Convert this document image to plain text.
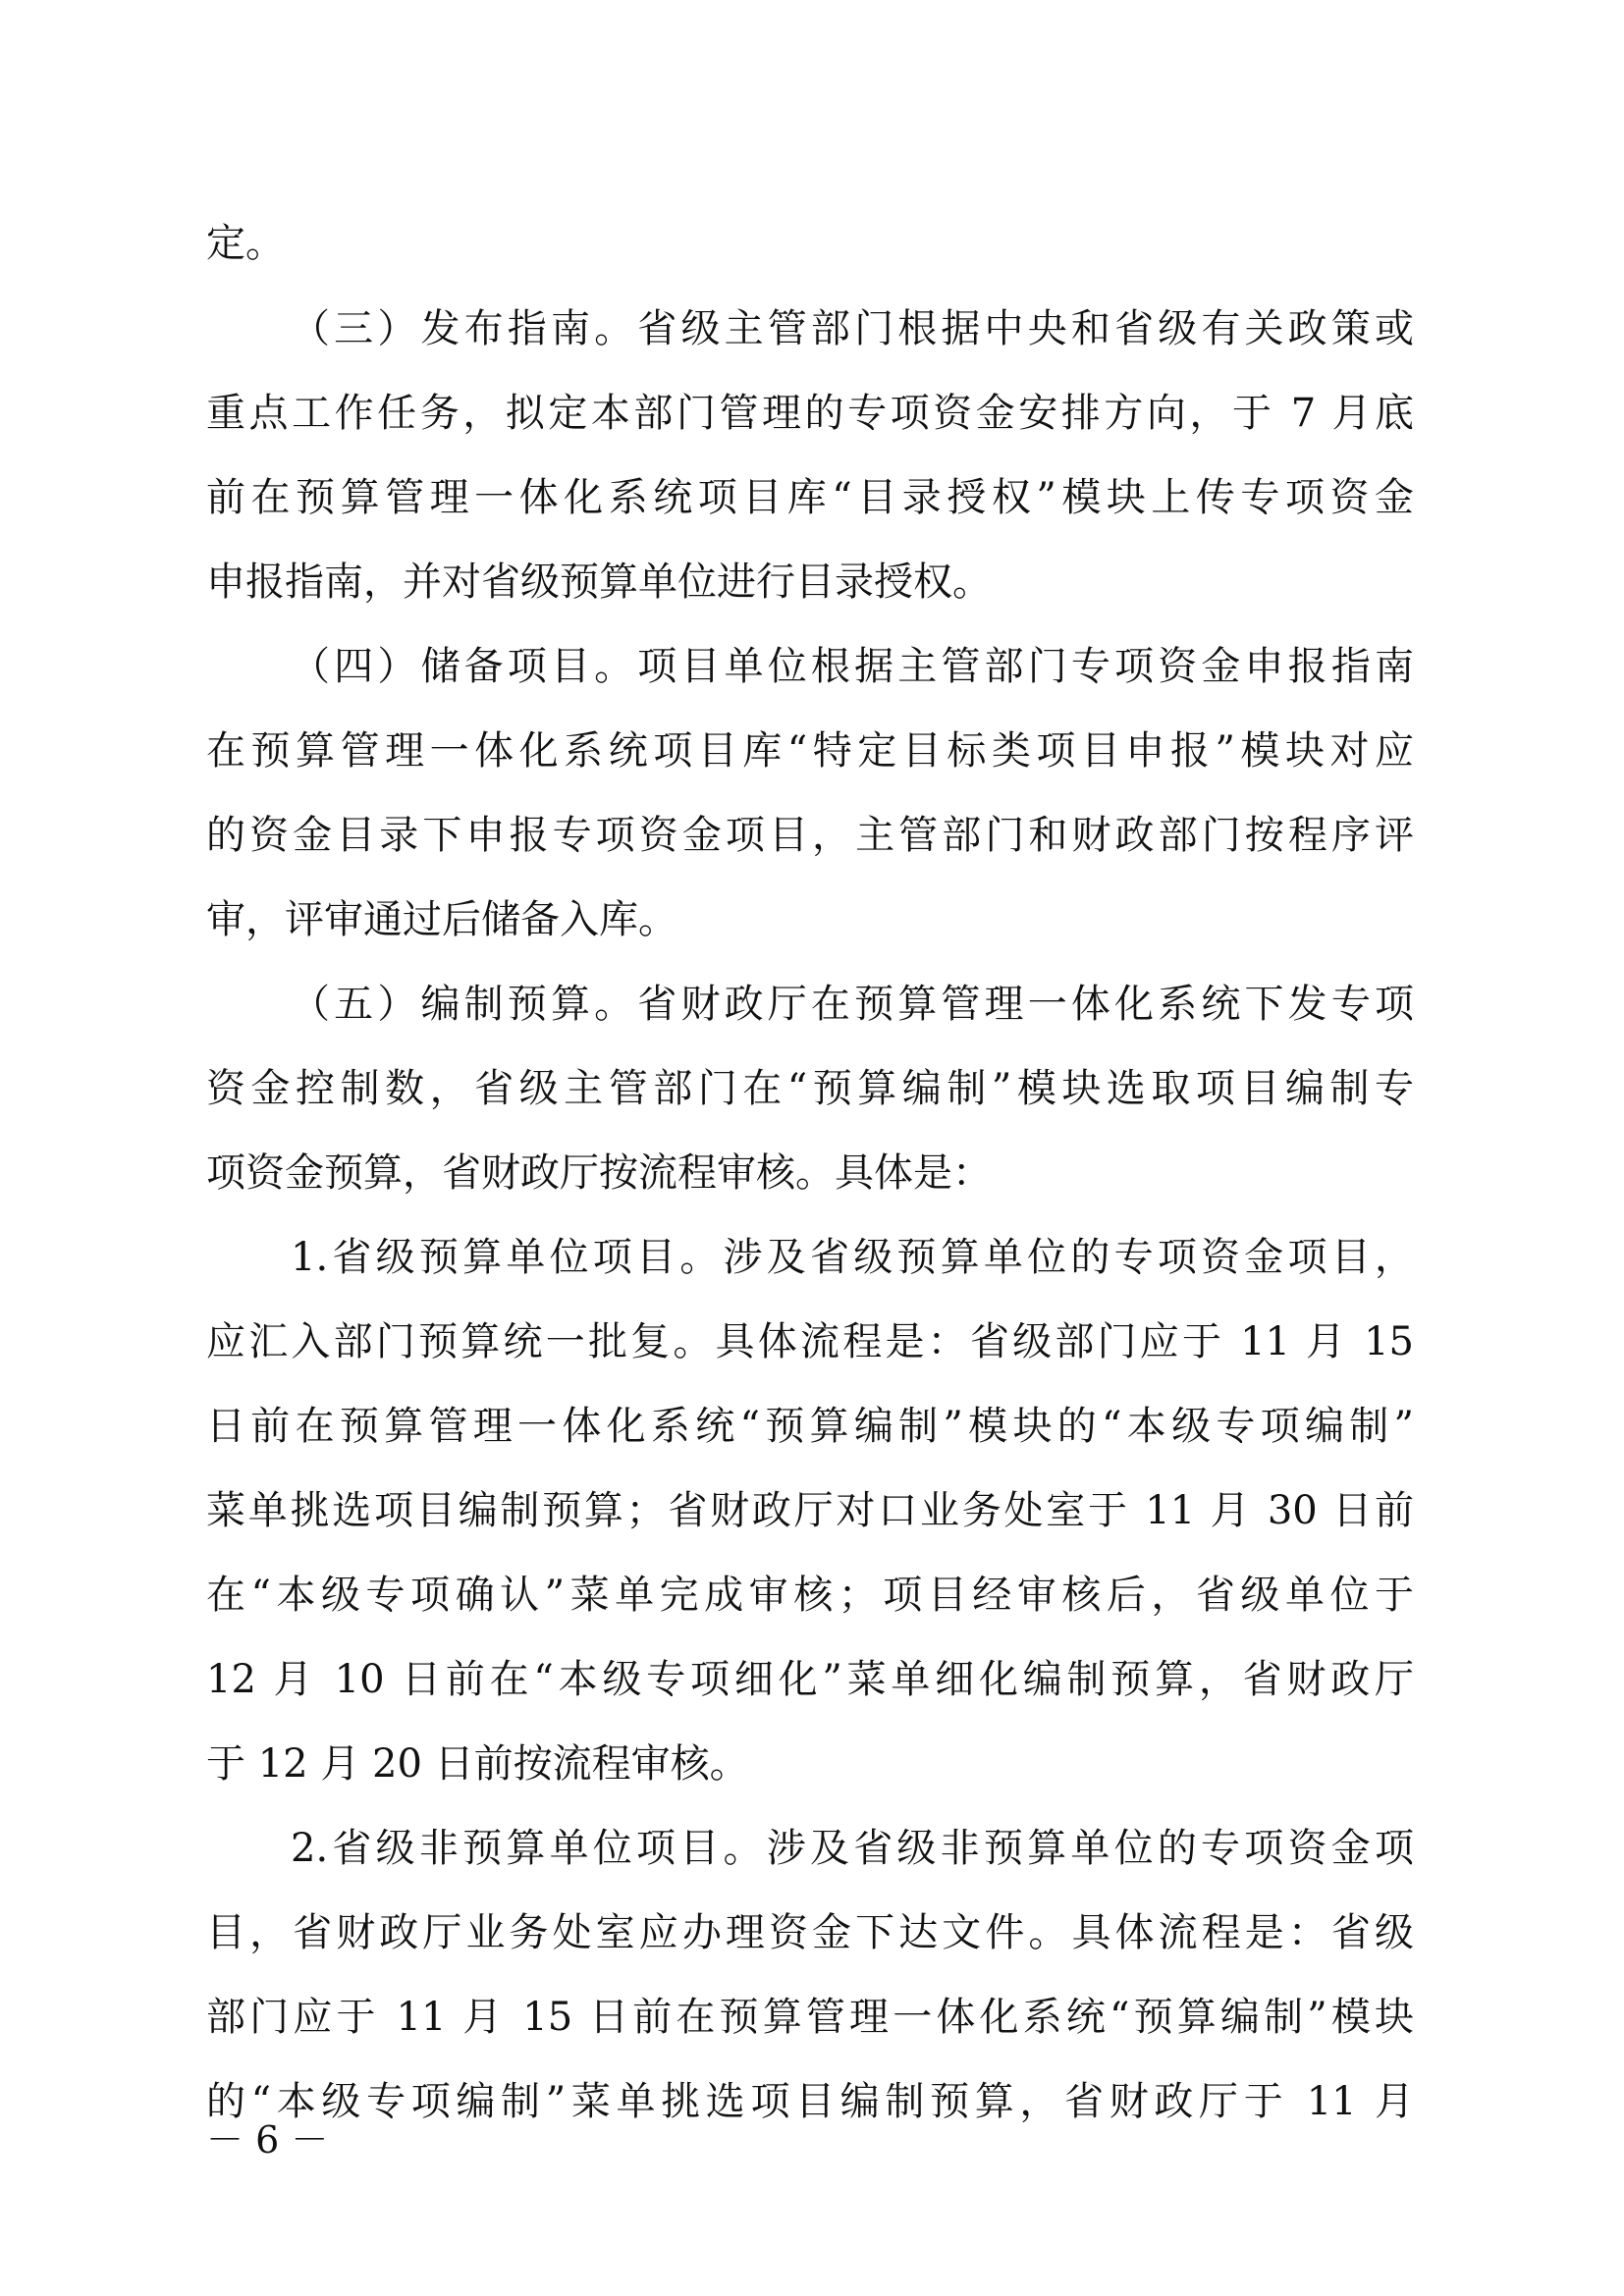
定。
（三）发布指南。省级主管部门根据中央和省级有关政策或
重点工作任务，拟定本部门管理的专项资金安排方向，于 7 月底
前在预算管理一体化系统项目库“目录授权”模块上传专项资金
申报指南，并对省级预算单位进行目录授权。
（四）储备项目。项目单位根据主管部门专项资金申报指南
在预算管理一体化系统项目库“特定目标类项目申报”模块对应
的资金目录下申报专项资金项目，主管部门和财政部门按程序评
审，评审通过后储备入库。
（五）编制预算。省财政厅在预算管理一体化系统下发专项
资金控制数，省级主管部门在“预算编制”模块选取项目编制专
项资金预算，省财政厅按流程审核。具体是：
1.省级预算单位项目。涉及省级预算单位的专项资金项目，
应汇入部门预算统一批复。具体流程是：省级部门应于 11 月 15
日前在预算管理一体化系统“预算编制”模块的“本级专项编制”
菜单挑选项目编制预算；省财政厅对口业务处室于 11 月 30 日前
在“本级专项确认”菜单完成审核；项目经审核后，省级单位于
12 月 10 日前在“本级专项细化”菜单细化编制预算，省财政厅
于 12 月 20 日前按流程审核。
2.省级非预算单位项目。涉及省级非预算单位的专项资金项
目，省财政厅业务处室应办理资金下达文件。具体流程是：省级
部门应于 11 月 15 日前在预算管理一体化系统“预算编制”模块
的“本级专项编制”菜单挑选项目编制预算，省财政厅于 11 月
－ 6 －
